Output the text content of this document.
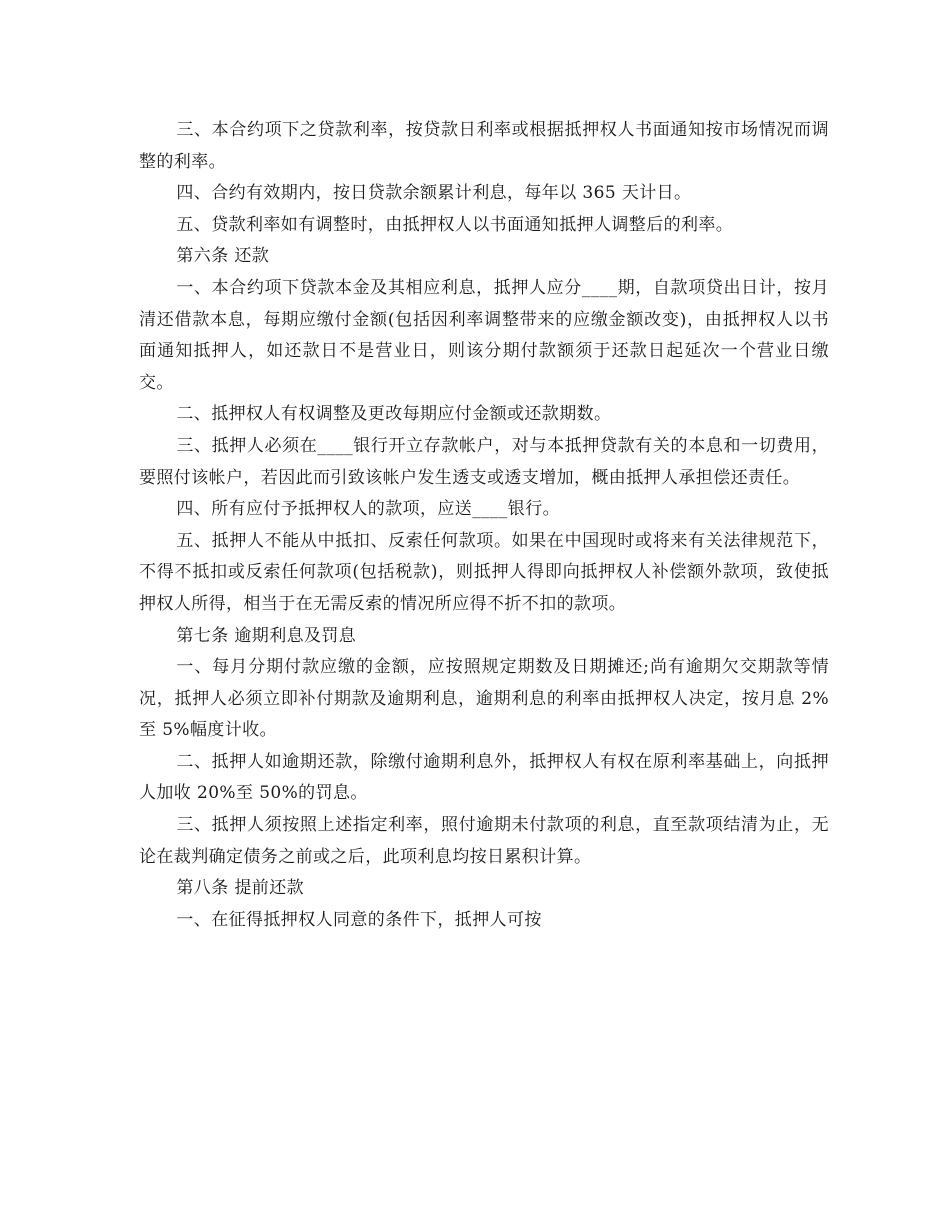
三、本合约项下之贷款利率，按贷款日利率或根据抵押权人书面通知按市场情况而调整的利率。

四、合约有效期内，按日贷款余额累计利息，每年以 365 天计日。

五、贷款利率如有调整时，由抵押权人以书面通知抵押人调整后的利率。

第六条 还款

一、本合约项下贷款本金及其相应利息，抵押人应分____期，自款项贷出日计，按月清还借款本息，每期应缴付金额(包括因利率调整带来的应缴金额改变)，由抵押权人以书面通知抵押人，如还款日不是营业日，则该分期付款额须于还款日起延次一个营业日缴交。

二、抵押权人有权调整及更改每期应付金额或还款期数。

三、抵押人必须在____银行开立存款帐户，对与本抵押贷款有关的本息和一切费用，要照付该帐户，若因此而引致该帐户发生透支或透支增加，概由抵押人承担偿还责任。

四、所有应付予抵押权人的款项，应送____银行。

五、抵押人不能从中抵扣、反索任何款项。如果在中国现时或将来有关法律规范下，不得不抵扣或反索任何款项(包括税款)，则抵押人得即向抵押权人补偿额外款项，致使抵押权人所得，相当于在无需反索的情况所应得不折不扣的款项。

第七条 逾期利息及罚息

一、每月分期付款应缴的金额，应按照规定期数及日期摊还;尚有逾期欠交期款等情况，抵押人必须立即补付期款及逾期利息，逾期利息的利率由抵押权人决定，按月息 2%至 5%幅度计收。

二、抵押人如逾期还款，除缴付逾期利息外，抵押权人有权在原利率基础上，向抵押人加收 20%至 50%的罚息。

三、抵押人须按照上述指定利率，照付逾期未付款项的利息，直至款项结清为止，无论在裁判确定债务之前或之后，此项利息均按日累积计算。

第八条 提前还款

一、在征得抵押权人同意的条件下，抵押人可按
